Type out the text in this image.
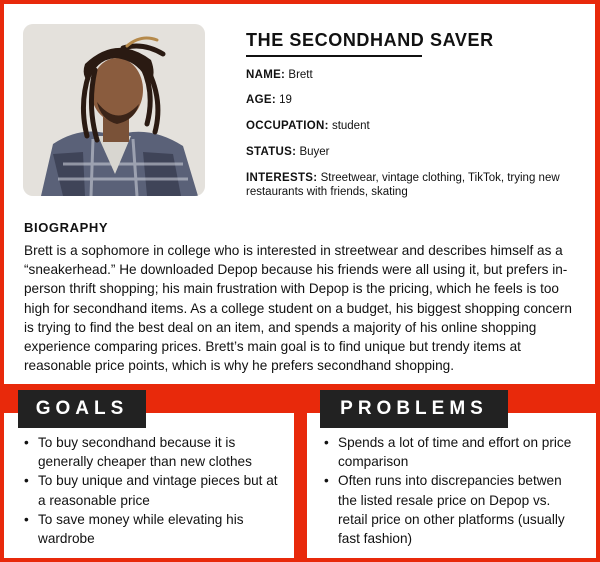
THE SECONDHAND SAVER
NAME: Brett
AGE: 19
OCCUPATION: student
STATUS: Buyer
INTERESTS: Streetwear, vintage clothing, TikTok, trying new restaurants with friends, skating
BIOGRAPHY
Brett is a sophomore in college who is interested in streetwear and describes himself as a “sneakerhead.” He downloaded Depop because his friends were all using it, but prefers in-person thrift shopping; his main frustration with Depop is the pricing, which he feels is too high for secondhand items. As a college student on a budget, his biggest shopping concern is trying to find the best deal on an item, and spends a majority of his online shopping experience comparing prices. Brett’s main goal is to find unique but trendy items at reasonable price points, which is why he prefers secondhand shopping.
• To buy secondhand because it is generally cheaper than new clothes
• To buy unique and vintage pieces but at a reasonable price
• To save money while elevating his wardrobe
• Spends a lot of time and effort on price comparison
• Often runs into discrepancies betwen the listed resale price on Depop vs. retail price on other platforms (usually fast fashion)
GOALS	PROBLEMS
